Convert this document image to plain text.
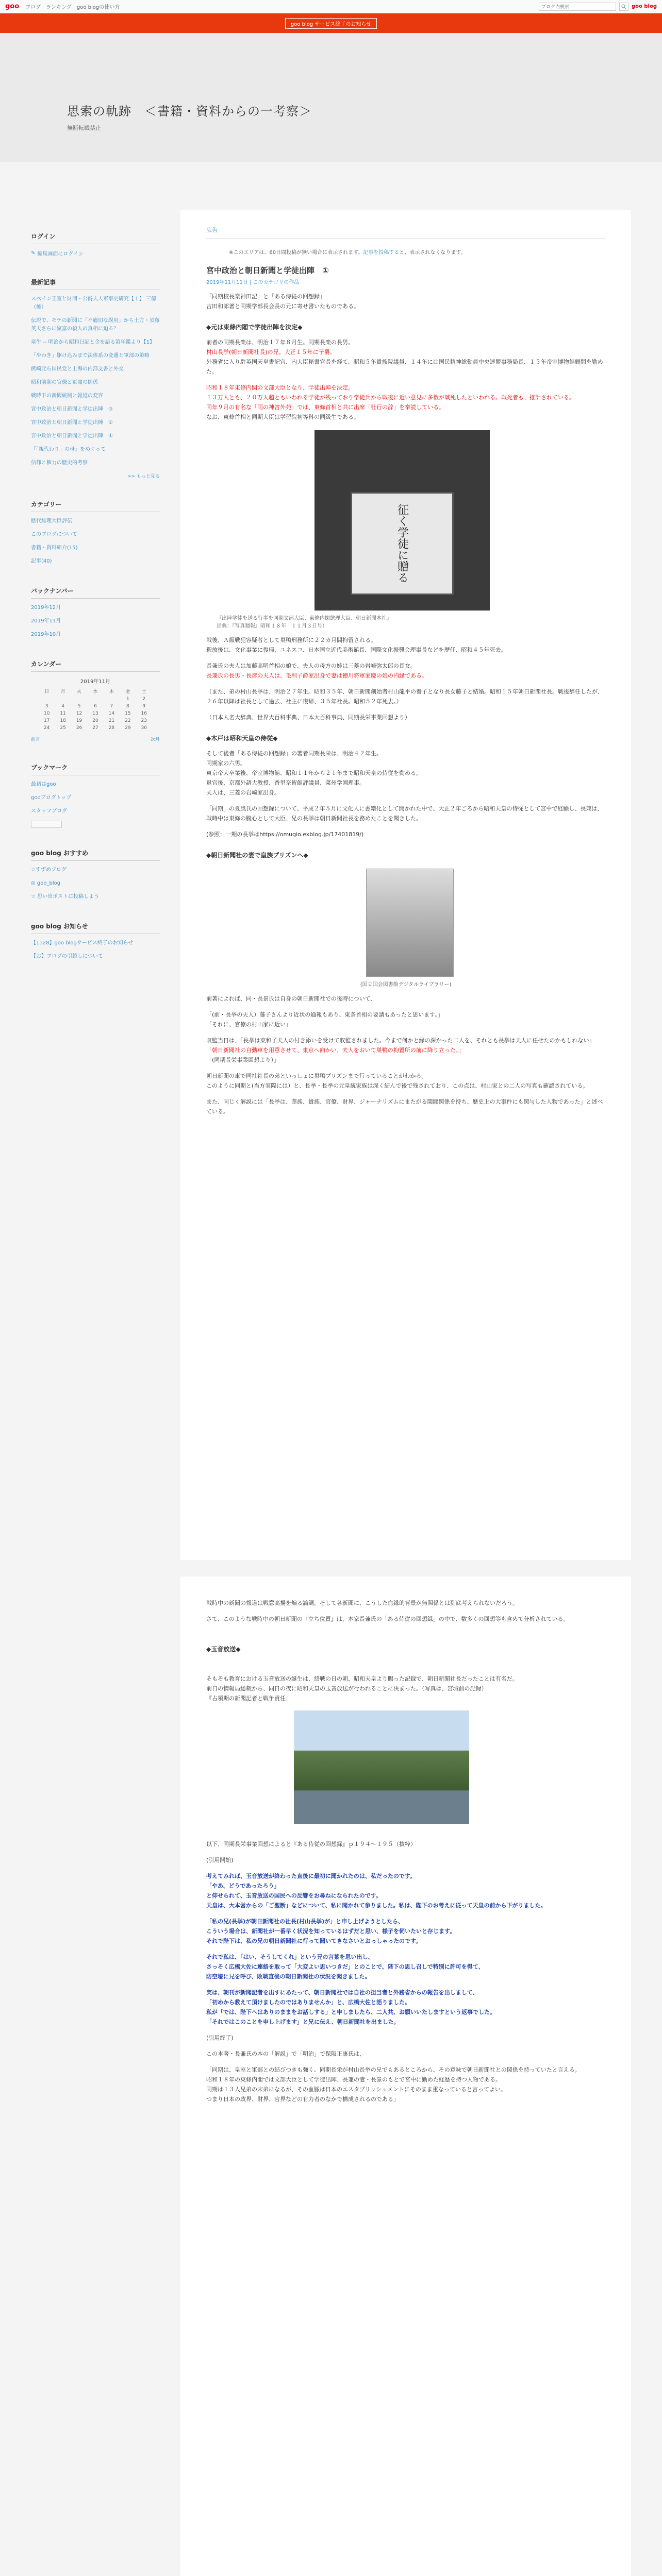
goo ブログ ランキング goo blogの使い方
ブログ内検索	goo blog
goo blog サービス終了のお知らせ
思索の軌跡　＜書籍・資料からの一考察＞
無断転載禁止
ログイン
✎ 編集画面にログイン
最新記事
スペイン王室と財団・公爵夫人軍事史研究【１】 三億（後）
伝説で、モテの新聞に「不適切な誤用」から土方・須藤英夫さらに聚富の殺人の真相に迫る？
竜牛 -- 明治から昭和日記と金を語る第年鑑より【1】
「やわき」駆け込みまで法体系の変遷と軍部の策略
熊崎元ら国民党と上海の内部文書と外交
昭和前期の官僚と軍閥の関係
戦時下の新聞統制と報道の変容
宮中政治と朝日新聞と学徒出陣　③
宮中政治と朝日新聞と学徒出陣　②
宮中政治と朝日新聞と学徒出陣　①
『「親代わり」の母』をめぐって
信仰と権力の歴史的考察
>> もっと見る
カテゴリー
歴代総理大臣評伝
このブログについて
書籍・資料紹介(15)
記事(40)
バックナンバー
2019年12月
2019年11月
2019年10月
カレンダー
2019年11月
日	月	火	水	木	金	土
					1	2
3	4	5	6	7	8	9
10	11	12	13	14	15	16
17	18	19	20	21	22	23
24	25	26	27	28	29	30
前月	次月
ブックマーク
最初はgoo
gooブログトップ
スタッフブログ
goo blog おすすめ
☆すずめブログ
◎ goo_blog
☆ 思い出ポストに投稿しよう
goo blog お知らせ
【1128】goo blogサービス終了のお知らせ
【お】ブログの引越しについて
広告
※このエリアは、60日間投稿が無い場合に表示されます。記事を投稿すると、表示されなくなります。
宮中政治と朝日新聞と学徒出陣　①
2019年11月11日 | このカテゴリの作品
「同期校長楽神田記」と「ある侍従の回想録」
吉田和郎著と同期学部長会長の元に寄せ書いたものである。
◆元は東條内閣で学徒出陣を決定◆
前者の同期長楽は、明治１７年８月生。同期長楽の長男。
村山長挙(朝日新聞社長)の兄。大正１５年に子爵。
外務省に入り駐英国天皇書記官、内大臣秘書官長を経て、昭和５年貴族院議員、１４年には国民精神総動員中央連盟事務局長、１５年帝室博物館顧問を勤めた。
昭和１８年東條内閣の文部大臣となり、学徒出陣を決定。
１３万人とも、２０万人超ともいわれる学徒が残っており学徒兵から戦後に近い意見に多数が戦死したといわれる。戦死者も、推計されている。
同年９月の有名な「雨の神宮外苑」では、東條首相と共に出席「壮行の辞」を奉読している。
なお、東條首相と同期大臣は学習院初等科の同級生である。
征く学徒に贈る
『出陣学徒を送る行事を同期文部大臣、東條内閣総理大臣、朝日新聞本社』
出典：『写真週報』昭和１８年　１１月３日号）
戦後、Ａ級戦犯容疑者として巣鴨刑務所に２２カ月間拘留される。
釈放後は、文化事業に復帰、ユネスコ、日本国立近代美術館長、国際文化振興会理事長などを歴任、昭和４５年死去。
長兼氏の夫人は加藤高明首相の娘で、夫人の母方の姉は三菱の岩崎弥太郎の長女。
長兼氏の長男・長彦の夫人は、毛利子爵家出身で妻は徳川将軍家慶の娘の内縁である。
（また、弟の村山長挙は、明治２７年生。昭和３５年、朝日新聞創始者村山龍平の養子となり長女藤子と結婚。昭和１５年朝日新聞社長。戦後辞任したが、２６年以降は社長として過去、社主に復帰、３５年社長。昭和５２年死去。）
（日本人名大辞典、世界大百科事典、日本大百科事典、同期長栄事業回想より）
◆木戸は昭和天皇の侍従◆
そして後者「ある侍従の回想録」の著者同期長栄は、明治４２年生。
同期家の六男。
東京帝大卒業後、帝室博物館、昭和１１年から２１年まで昭和天皇の侍従を勤める。
退官後、京都外語大教授、香里奈術館評議員、菜州学園理事。
夫人は、三菱の岩崎家出身。
「同期」の夏風氏の回想録について、平成２年５月に文化人に書籍化として開かれた中で、大正２年ごろから昭和天皇の侍従として宮中で経験し、長兼は、戦時中は東條の腹心として大臣、兄の長挙は朝日新聞社長を務めたことを聞きした。
(参照：一期の長挙はhttps://omugio.exblog.jp/17401819/)
◆朝日新聞社の妻で皇族プリズンへ◆
(国立国会図書館デジタルライブラリー)
前著によれば、同・長景氏は自身の朝日新聞社での後時について、
「(前・長挙の夫人）藤子さんより近状の通報もあり、東条首相の要請もあったと思います。」
「それに、官僚の村山家に近い」
収監当日は、「長挙は東和子夫人の付き添いを受けて収監されました。今まで何かと縁の深かった二人を、それとも長挙は夫人に任せたのかもしれない」
「朝日新聞社の自動車を用意させて、東京へ向かい、夫人をおいて巣鴨の拘置所の前に降り立った。」
「(同期長栄事業回想より）」
朝日新聞の車で同社社長の弟といっしょに巣鴨プリズンまで行っていることがわかる。
このように同期と(当方実際には）と、長挙・長挙の元皇統家族は深く結んで後で残されており、この点は、村山家との二人の写真も確認されている。
また、同じく解説には「長挙は、華族、貴族、官僚、財界、ジャーナリズムにまたがる閨閥関係を持ち、歴史上の大事件にも関与した人物であった」と述べている。
戦時中の新聞の報道は戦意高揚を煽る論調。そして各新聞に、こうした血縁的背景が無関係とは到底考えられないだろう。
さて、このような戦時中の朝日新聞の『立ち位置』は、本家長兼氏の「ある侍従の回想録」の中で、数多くの回想等も含めて分析されている。
◆玉音放送◆
そもそも教育における玉音放送の誕生は、終戦の日の朝、昭和天皇より賜った記録で、朝日新聞社長だったことは有名だ。
前日の情報局総裁から、同日の夜に昭和天皇の玉音放送が行われることに決まった。（写真は、宮城前の記録）
『占領期の新聞記者と戦争責任』
以下、同期長栄事業回想によると『ある侍従の回想録』ｐ１９４〜１９５（抜粋）
(引用開始)
考えてみれば、玉音放送が終わった直後に最初に聞かれたのは、私だったのです。
「やあ、どうであったろう」
と仰せられて、玉音放送の国民への反響をお尋ねになられたのです。
天皇は、大本営からの「ご聖断」などについて、私に聞かれて参りました。私は、陛下のお考えに従って天皇の前から下がりました。
「私の兄(長挙)が朝日新聞社の社長(村山長挙)が」と申し上げようとしたら、
こういう場合は、新聞社が一番早く状況を知っているはずだと思い、様子を伺いたいと存じます。
それで陛下は、私の兄の朝日新聞社に行って聞いてきなさいとおっしゃったのです。
それで私は、「はい、そうしてくれ」という兄の言葉を思い出し、
さっそく広橋大佐に連絡を取って「大変よい思いつきだ」とのことで、陛下の思し召しで特別に許可を得て、
防空壕に兄を呼び、敗戦直後の朝日新聞社の状況を聞きました。
実は、朝刊が新聞記者を出すにあたって、朝日新聞社では自社の担当者と外務省からの報告を出しまして、
「初めから教えて頂けましたのではありませんか」と、広橋大佐と語りました。
私が「では、陛下へはありのままをお話しする」と申しましたら、二人共、お願いいたしますという返事でした。
「それではこのことを申し上げます」と兄に伝え、朝日新聞社を出ました。
(引用終了)
この本著・長兼氏の本の「解説」で「明治」で保阪正康氏は、
「同期は、皇室と軍部との結びつきも強く、同期長栄が村山長挙の兄でもあるところから、その意味で朝日新聞社との関係を持っていたと言える。
昭和１８年の東條内閣では文部大臣として学徒出陣、長兼の妻・長景のもとで宮中に勤めた経歴を持つ人物である。
同期は１３人兄弟の末弟になるが、その血脈は日本のエスタブリッシュメントにそのまま重なっていると言ってよい。
つまり日本の政界、財界、官界などの有力者のなかで構成されるのである」
